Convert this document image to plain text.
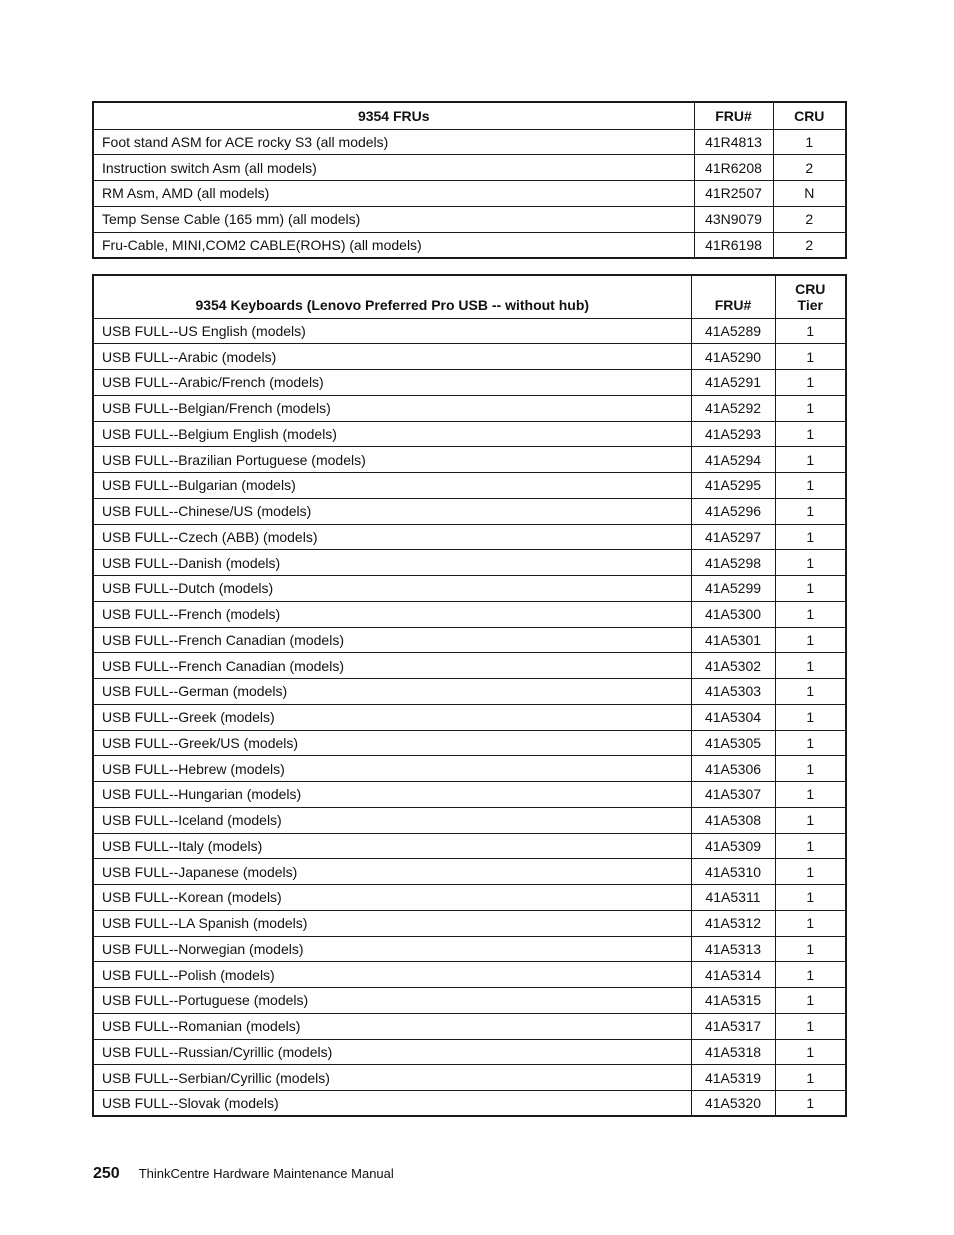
9354 FRUs	FRU#	CRU
Foot stand ASM for ACE rocky S3 (all models)	41R4813	1
Instruction switch Asm (all models)	41R6208	2
RM Asm, AMD (all models)	41R2507	N
Temp Sense Cable (165 mm) (all models)	43N9079	2
Fru-Cable, MINI,COM2 CABLE(ROHS) (all models)	41R6198	2
9354 Keyboards (Lenovo Preferred Pro USB -- without hub)	FRU#	CRU
Tier

USB FULL--US English (models)	41A5289	1
USB FULL--Arabic (models)	41A5290	1
USB FULL--Arabic/French (models)	41A5291	1
USB FULL--Belgian/French (models)	41A5292	1
USB FULL--Belgium English (models)	41A5293	1
USB FULL--Brazilian Portuguese (models)	41A5294	1
USB FULL--Bulgarian (models)	41A5295	1
USB FULL--Chinese/US (models)	41A5296	1
USB FULL--Czech (ABB) (models)	41A5297	1
USB FULL--Danish (models)	41A5298	1
USB FULL--Dutch (models)	41A5299	1
USB FULL--French (models)	41A5300	1
USB FULL--French Canadian (models)	41A5301	1
USB FULL--French Canadian (models)	41A5302	1
USB FULL--German (models)	41A5303	1
USB FULL--Greek (models)	41A5304	1
USB FULL--Greek/US (models)	41A5305	1
USB FULL--Hebrew (models)	41A5306	1
USB FULL--Hungarian (models)	41A5307	1
USB FULL--Iceland (models)	41A5308	1
USB FULL--Italy (models)	41A5309	1
USB FULL--Japanese (models)	41A5310	1
USB FULL--Korean (models)	41A5311	1
USB FULL--LA Spanish (models)	41A5312	1
USB FULL--Norwegian (models)	41A5313	1
USB FULL--Polish (models)	41A5314	1
USB FULL--Portuguese (models)	41A5315	1
USB FULL--Romanian (models)	41A5317	1
USB FULL--Russian/Cyrillic (models)	41A5318	1
USB FULL--Serbian/Cyrillic (models)	41A5319	1
USB FULL--Slovak (models)	41A5320	1
250 ThinkCentre Hardware Maintenance Manual
